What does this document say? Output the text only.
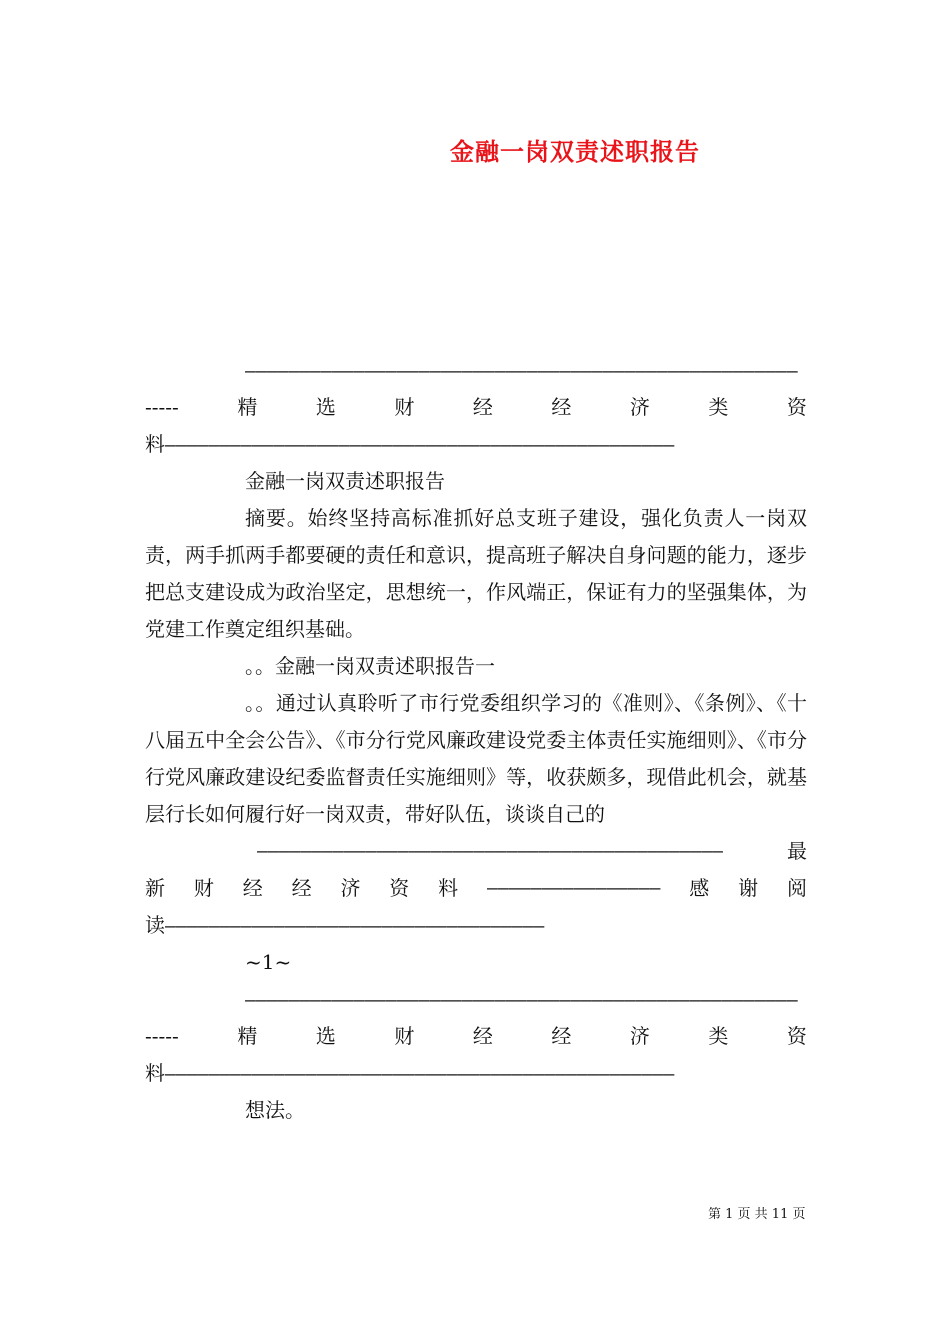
金融一岗双责述职报告
———————————————————————————————————————————————————
-----	精	选	财	经	经	济	类	资
料———————————————————————————————————————————————
金融一岗双责述职报告
摘要。始终坚持高标准抓好总支班子建设，强化负责人一岗双责，两手抓两手都要硬的责任和意识，提高班子解决自身问题的能力，逐步把总支建设成为政治坚定，思想统一，作风端正，保证有力的坚强集体，为党建工作奠定组织基础。
。。金融一岗双责述职报告一
。。通过认真聆听了市行党委组织学习的《准则》、《条例》、《十八届五中全会公告》、《市分行党风廉政建设党委主体责任实施细则》、《市分行党风廉政建设纪委监督责任实施细则》等，收获颇多，现借此机会，就基层行长如何履行好一岗双责，带好队伍，谈谈自己的
———————————————————————————————————————————	最
新 财 经 经 济 资 料 ———————————————— 感 谢 阅
读———————————————————————————————————
~1~
———————————————————————————————————————————————————
-----	精	选	财	经	经	济	类	资
料———————————————————————————————————————————————
想法。
第 1 页 共 11 页
